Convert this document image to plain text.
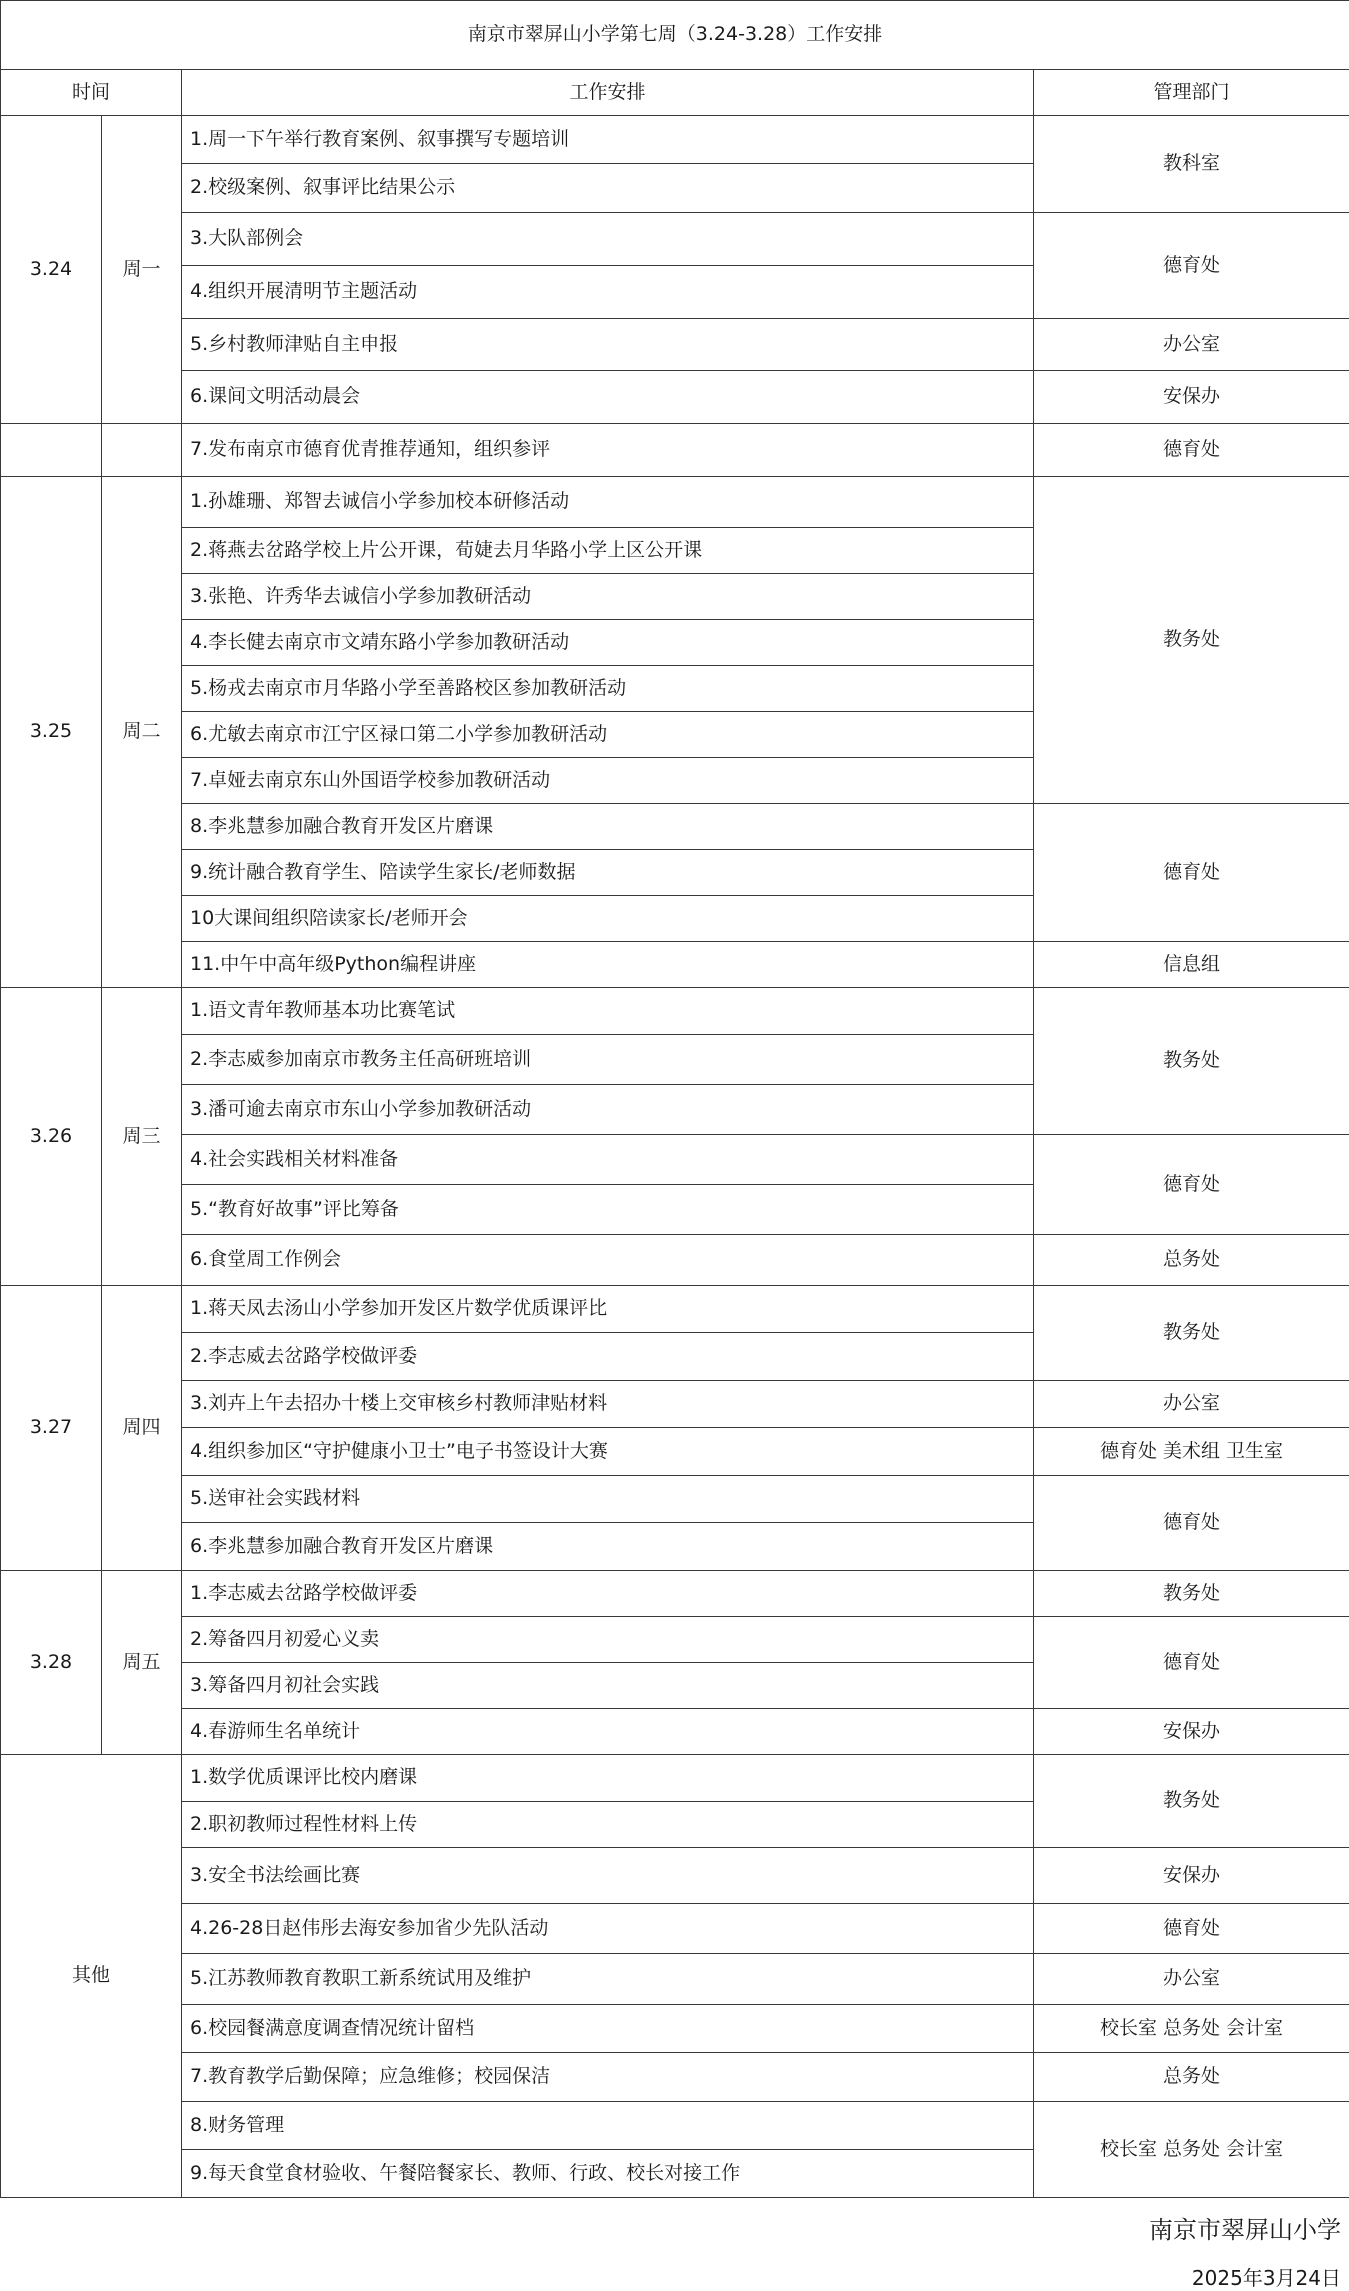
南京市翠屏山小学第七周（3.24-3.28）工作安排			
时间		工作安排	管理部门
3.24	周一	1.周一下午举行教育案例、叙事撰写专题培训	教科室
		2.校级案例、叙事评比结果公示	
		3.大队部例会	德育处
		4.组织开展清明节主题活动	
		5.乡村教师津贴自主申报	办公室
		6.课间文明活动晨会	安保办
		7.发布南京市德育优青推荐通知，组织参评	德育处
3.25	周二	1.孙雄珊、郑智去诚信小学参加校本研修活动	教务处
		2.蒋燕去岔路学校上片公开课，荀婕去月华路小学上区公开课	
		3.张艳、许秀华去诚信小学参加教研活动	
		4.李长健去南京市文靖东路小学参加教研活动	
		5.杨戎去南京市月华路小学至善路校区参加教研活动	
		6.尤敏去南京市江宁区禄口第二小学参加教研活动	
		7.卓娅去南京东山外国语学校参加教研活动	
		8.李兆慧参加融合教育开发区片磨课	德育处
		9.统计融合教育学生、陪读学生家长/老师数据	
		10大课间组织陪读家长/老师开会	
		11.中午中高年级Python编程讲座	信息组
3.26	周三	1.语文青年教师基本功比赛笔试	教务处
		2.李志威参加南京市教务主任高研班培训	
		3.潘可逾去南京市东山小学参加教研活动	
		4.社会实践相关材料准备	德育处
		5.“教育好故事”评比筹备	
		6.食堂周工作例会	总务处
3.27	周四	1.蒋天凤去汤山小学参加开发区片数学优质课评比	教务处
		2.李志威去岔路学校做评委	
		3.刘卉上午去招办十楼上交审核乡村教师津贴材料	办公室
		4.组织参加区“守护健康小卫士”电子书签设计大赛	德育处 美术组 卫生室
		5.送审社会实践材料	德育处
		6.李兆慧参加融合教育开发区片磨课	
3.28	周五	1.李志威去岔路学校做评委	教务处
		2.筹备四月初爱心义卖	德育处
		3.筹备四月初社会实践	
		4.春游师生名单统计	安保办
其他		1.数学优质课评比校内磨课	教务处
		2.职初教师过程性材料上传	
		3.安全书法绘画比赛	安保办
		4.26-28日赵伟彤去海安参加省少先队活动	德育处
		5.江苏教师教育教职工新系统试用及维护	办公室
		6.校园餐满意度调查情况统计留档	校长室 总务处 会计室
		7.教育教学后勤保障；应急维修；校园保洁	总务处
		8.财务管理	校长室 总务处 会计室
		9.每天食堂食材验收、午餐陪餐家长、教师、行政、校长对接工作	
南京市翠屏山小学
2025年3月24日
